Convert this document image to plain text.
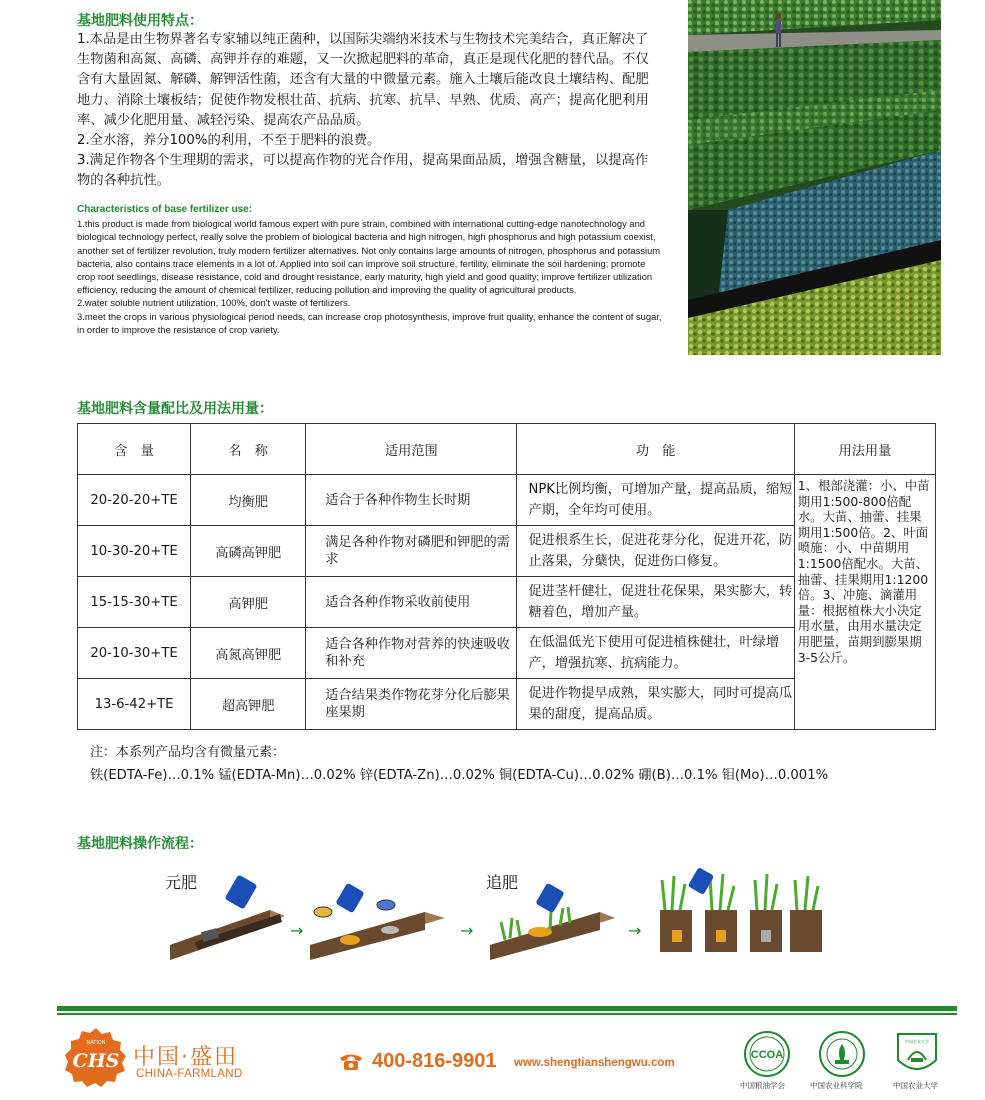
基地肥料使用特点：

1.本品是由生物界著名专家辅以纯正菌种，以国际尖端纳米技术与生物技术完美结合，真正解决了生物菌和高氮、高磷、高钾并存的难题，又一次掀起肥料的革命，真正是现代化肥的替代品。不仅含有大量固氮、解磷、解钾活性菌，还含有大量的中微量元素。施入土壤后能改良土壤结构、配肥地力、消除土壤板结；促使作物发根壮苗、抗病、抗寒、抗旱、早熟、优质、高产；提高化肥利用率、减少化肥用量、减轻污染、提高农产品品质。

2.全水溶，养分100%的利用，不至于肥料的浪费。

3.满足作物各个生理期的需求，可以提高作物的光合作用，提高果面品质，增强含糖量，以提高作物的各种抗性。

Characteristics of base fertilizer use:

1.this product is made from biological world famous expert with pure strain, combined with international cutting-edge nanotechnology and biological technology perfect, really solve the problem of biological bacteria and high nitrogen, high phosphorus and high potassium coexist, another set of fertilizer revolution, truly modern fertilizer alternatives. Not only contains large amounts of nitrogen, phosphorus and potassium bacteria, also contains trace elements in a lot of. Applied into soil can improve soil structure, fertility, eliminate the soil hardening; promote crop root seedlings, disease resistance, cold and drought resistance, early maturity, high yield and good quality; improve fertilizer utilization efficiency, reducing the amount of chemical fertilizer, reducing pollution and improving the quality of agricultural products.

2.water soluble nutrient utilization, 100%, don't waste of fertilizers.

3.meet the crops in various physiological period needs, can increase crop photosynthesis, improve fruit quality, enhance the content of sugar, in order to improve the resistance of crop variety.

基地肥料含量配比及用法用量：
含　量	名　称	适用范围	功　能	用法用量
20-20-20+TE	均衡肥	适合于各种作物生长时期	NPK比例均衡，可增加产量，提高品质，缩短产期，全年均可使用。	1、根部浇灌：小、中苗期用1:500-800倍配水。大苗、抽蕾、挂果期用1:500倍。2、叶面喷施：小、中苗期用1:1500倍配水。大苗、抽蕾、挂果期用1:1200倍。3、冲施、滴灌用量：根据植株大小决定用水量，由用水量决定用肥量，苗期到膨果期3-5公斤。
10-30-20+TE	高磷高钾肥	满足各种作物对磷肥和钾肥的需求	促进根系生长，促进花芽分化，促进开花，防止落果，分蘖快，促进伤口修复。	
15-15-30+TE	高钾肥	适合各种作物采收前使用	促进茎杆健壮，促进壮花保果，果实膨大，转糖着色，增加产量。	
20-10-30+TE	高氮高钾肥	适合各种作物对营养的快速吸收和补充	在低温低光下使用可促进植株健壮，叶绿增产，增强抗寒、抗病能力。	
13-6-42+TE	超高钾肥	适合结果类作物花芽分化后膨果座果期	促进作物提早成熟，果实膨大，同时可提高瓜果的甜度，提高品质。	
注：本系列产品均含有微量元素：
铁(EDTA-Fe)…0.1% 锰(EDTA-Mn)…0.02% 锌(EDTA-Zn)…0.02% 铜(EDTA-Cu)…0.02% 硼(B)…0.1% 钼(Mo)…0.001%
基地肥料操作流程：
元肥	追肥
→	→	→
CHS
NATION
中国·盛田
CHINA-FARMLAND
400-816-9901 www.shengtianshengwu.com
CCOA
中国粮油学会	中国农业科学院
中国农业大学
中国农业大学
